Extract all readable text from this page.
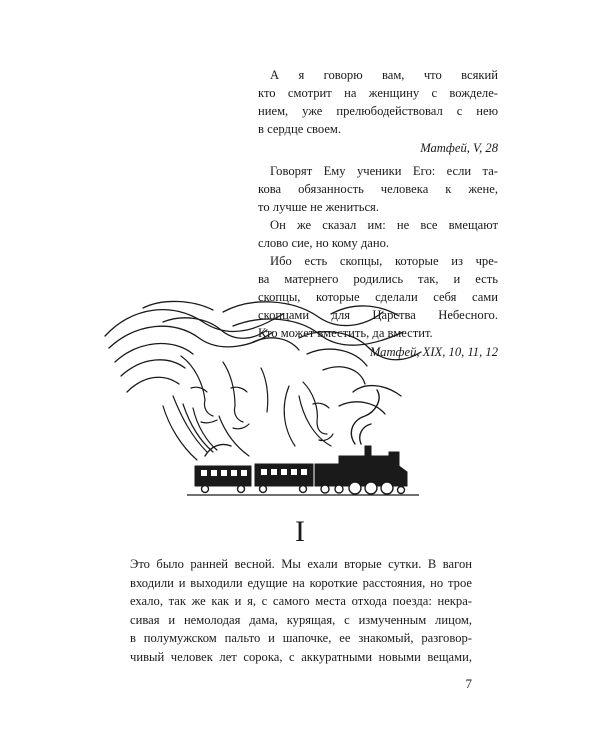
А я говорю вам, что всякий
кто смотрит на женщину с вожделе-
нием, уже прелюбодействовал с нею
в сердце своем.
Матфей, V, 28
Говорят Ему ученики Его: если та-
кова обязанность человека к жене,
то лучше не жениться.
Он же сказал им: не все вмещают
слово сие, но кому дано.
Ибо есть скопцы, которые из чре-
ва матернего родились так, и есть
скопцы, которые сделали себя сами
скопцами для Царства Небесного.
Кто может вместить, да вместит.
Матфей, XIX, 10, 11, 12
I
Это было ранней весной. Мы ехали вторые сутки. В вагон
входили и выходили едущие на короткие расстояния, но трое
ехало, так же как и я, с самого места отхода поезда: некра-
сивая и немолодая дама, курящая, с измученным лицом,
в полумужском пальто и шапочке, ее знакомый, разговор-
чивый человек лет сорока, с аккуратными новыми вещами,
7
